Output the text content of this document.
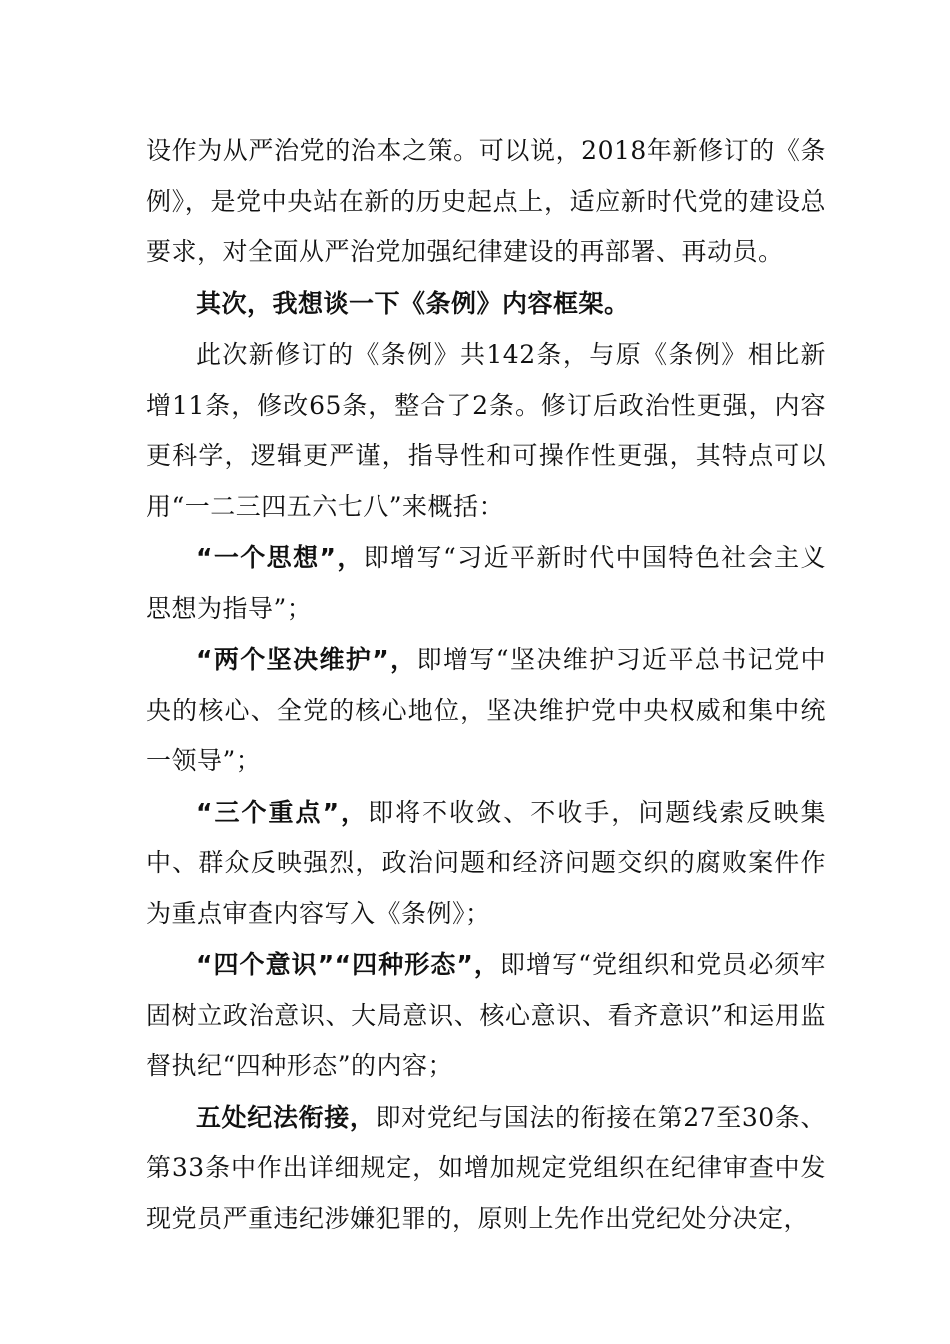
设作为从严治党的治本之策。可以说，2018年新修订的《条例》，是党中央站在新的历史起点上，适应新时代党的建设总要求，对全面从严治党加强纪律建设的再部署、再动员。

其次，我想谈一下《条例》内容框架。

此次新修订的《条例》共142条，与原《条例》相比新增11条，修改65条，整合了2条。修订后政治性更强，内容更科学，逻辑更严谨，指导性和可操作性更强，其特点可以用“一二三四五六七八”来概括：

“一个思想”，即增写“习近平新时代中国特色社会主义思想为指导”；

“两个坚决维护”，即增写“坚决维护习近平总书记党中央的核心、全党的核心地位，坚决维护党中央权威和集中统一领导”；

“三个重点”，即将不收敛、不收手，问题线索反映集中、群众反映强烈，政治问题和经济问题交织的腐败案件作为重点审查内容写入《条例》；

“四个意识”“四种形态”，即增写“党组织和党员必须牢固树立政治意识、大局意识、核心意识、看齐意识”和运用监督执纪“四种形态”的内容；

五处纪法衔接，即对党纪与国法的衔接在第27至30条、第33条中作出详细规定，如增加规定党组织在纪律审查中发现党员严重违纪涉嫌犯罪的，原则上先作出党纪处分决定，
